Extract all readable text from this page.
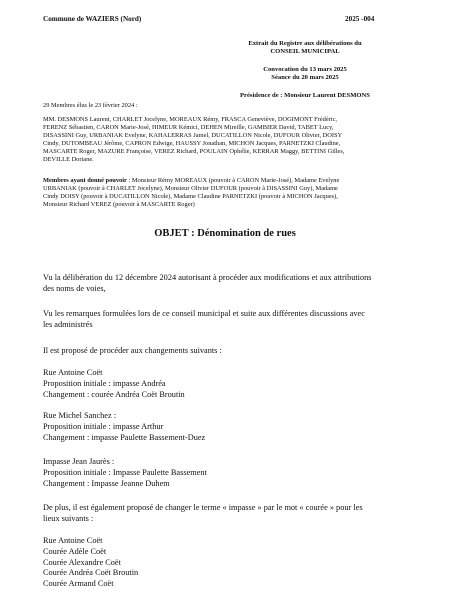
Commune de WAZIERS (Nord)	2025 -004
Extrait du Registre aux délibérations du
CONSEIL MUNICIPAL
Convocation du 13 mars 2025
Séance du 20 mars 2025
Présidence de : Monsieur Laurent DESMONS
29 Membres élus le 23 février 2024 :
MM. DESMONS Laurent, CHARLET Jocelyne, MOREAUX Rémy, FRASCA Geneviève, DOGIMONT Frédéric,
FERENZ Sébastien, CARON Marie-José, HIMEUR Kémici, DEHEN Mireille, GAMBIER David, TABET Lucy,
DISASSINI Guy, URBANIAK Evelyne, KAHALERRAS Jamel, DUCATILLON Nicole, DUFOUR Olivier, DOISY
Cindy, DUTOMBEAU Jérôme, CAPRON Edwige, HAUSSY Jonathan, MICHON Jacques, PARNETZKI Claudine,
MASCARTE Roger, MAZURE Françoise, VEREZ Richard, POULAIN Ophélie, KERRAR Maggy, BETTINI Gilles,
DEVILLE Doriane.
Membres ayant donné pouvoir : Monsieur Rémy MOREAUX (pouvoir à CARON Marie-José), Madame Evelyne
URBANIAK (pouvoir à CHARLET Jocelyne), Monsieur Olivier DUFOUR (pouvoir à DISASSINI Guy), Madame
Cindy DOISY (pouvoir à DUCATILLON Nicole), Madame Claudine PARNETZKI (pouvoir à MICHON Jacques),
Monsieur Richard VEREZ (pouvoir à MASCARTE Roger)
OBJET : Dénomination de rues
Vu la délibération du 12 décembre 2024 autorisant à procéder aux modifications et aux attributions
des noms de voies,
Vu les remarques formulées lors de ce conseil municipal et suite aux différentes discussions avec
les administrés
Il est proposé de procéder aux changements suivants :
Rue Antoine Coët
Proposition initiale : impasse Andréa
Changement : courée Andréa Coët Broutin
Rue Michel Sanchez :
Proposition initiale : impasse Arthur
Changement : impasse Paulette Bassement-Duez
Impasse Jean Jaurès :
Proposition initiale : Impasse Paulette Bassement
Changement : Impasse Jeanne Duhem
De plus, il est également proposé de changer le terme « impasse » par le mot « courée » pour les
lieux suivants :
Rue Antoine Coët
Courée Adèle Coët
Courée Alexandre Coët
Courée Andréa Coët Broutin
Courée Armand Coët
